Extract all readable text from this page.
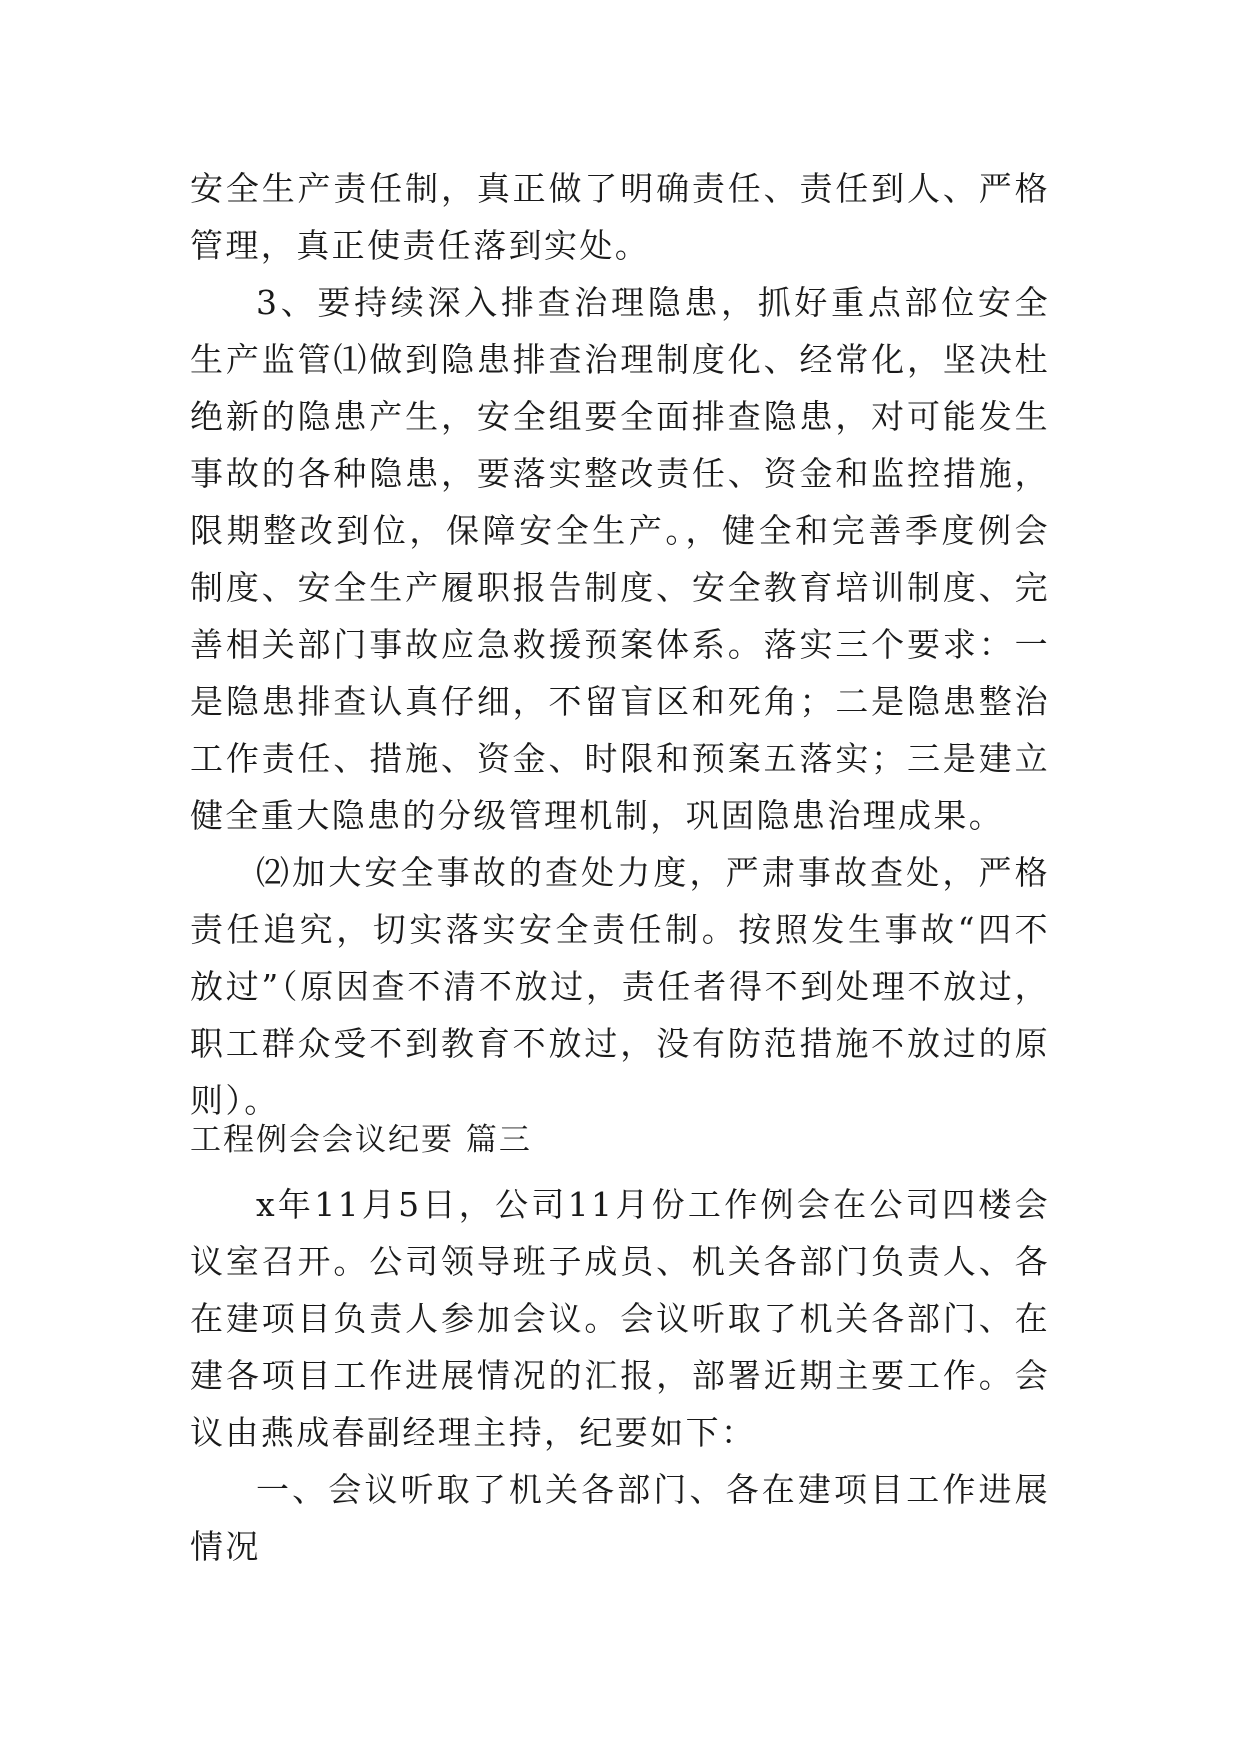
安全生产责任制，真正做了明确责任、责任到人、严格管理，真正使责任落到实处。

3、要持续深入排查治理隐患，抓好重点部位安全生产监管⑴做到隐患排查治理制度化、经常化，坚决杜绝新的隐患产生，安全组要全面排查隐患，对可能发生事故的各种隐患，要落实整改责任、资金和监控措施，限期整改到位，保障安全生产。，健全和完善季度例会制度、安全生产履职报告制度、安全教育培训制度、完善相关部门事故应急救援预案体系。落实三个要求：一是隐患排查认真仔细，不留盲区和死角；二是隐患整治工作责任、措施、资金、时限和预案五落实；三是建立健全重大隐患的分级管理机制，巩固隐患治理成果。

⑵加大安全事故的查处力度，严肃事故查处，严格责任追究，切实落实安全责任制。按照发生事故“四不放过”（原因查不清不放过，责任者得不到处理不放过，职工群众受不到教育不放过，没有防范措施不放过的原则）。

工程例会会议纪要 篇三

x年11月5日，公司11月份工作例会在公司四楼会议室召开。公司领导班子成员、机关各部门负责人、各在建项目负责人参加会议。会议听取了机关各部门、在建各项目工作进展情况的汇报，部署近期主要工作。会议由燕成春副经理主持，纪要如下：

一、会议听取了机关各部门、各在建项目工作进展情况
